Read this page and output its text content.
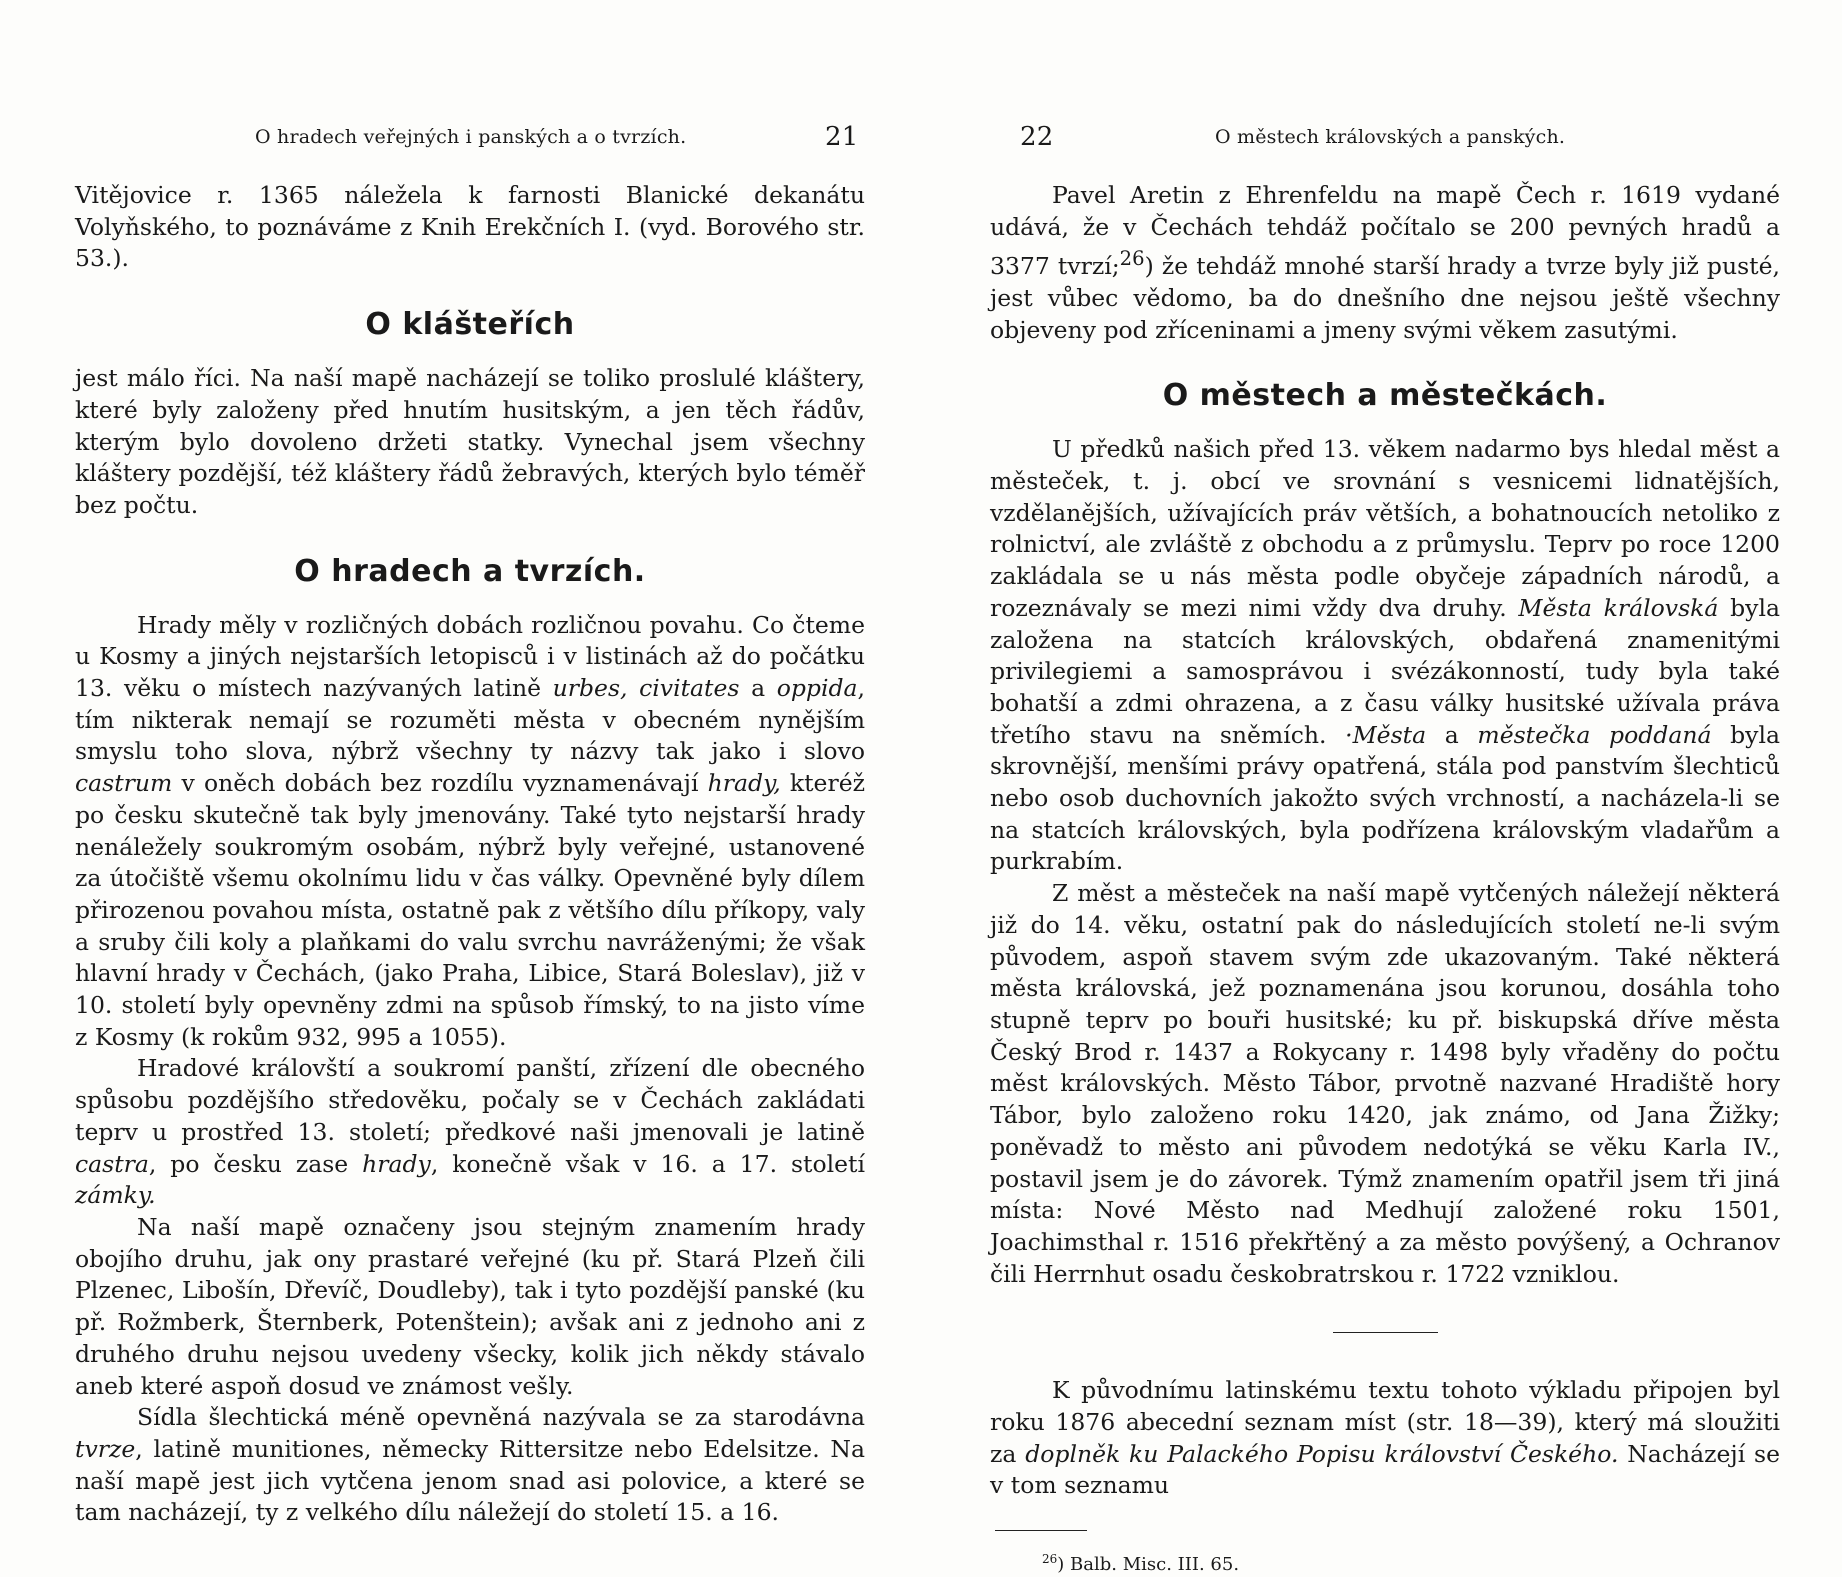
O hradech veřejných i panských a o tvrzích.	21

Vitějovice r. 1365 náležela k farnosti Blanické dekanátu Volyňského, to poznáváme z Knih Erekčních I. (vyd. Borového str. 53.).

O klášteřích

jest málo říci. Na naší mapě nacházejí se toliko proslulé kláštery, které byly založeny před hnutím husitským, a jen těch řádův, kterým bylo dovoleno držeti statky. Vynechal jsem všechny kláštery pozdější, též kláštery řádů žebravých, kterých bylo téměř bez počtu.

O hradech a tvrzích.

Hrady měly v rozličných dobách rozličnou povahu. Co čteme u Kosmy a jiných nejstarších letopisců i v listinách až do počátku 13. věku o místech nazývaných latině urbes, civitates a oppida, tím nikterak nemají se rozuměti města v obecném nynějším smyslu toho slova, nýbrž všechny ty názvy tak jako i slovo castrum v oněch dobách bez rozdílu vyznamenávají hrady, kteréž po česku skutečně tak byly jmenovány. Také tyto nejstarší hrady nenáležely soukromým osobám, nýbrž byly veřejné, ustanovené za útočiště všemu okolnímu lidu v čas války. Opevněné byly dílem přirozenou povahou místa, ostatně pak z většího dílu příkopy, valy a sruby čili koly a plaňkami do valu svrchu navráženými; že však hlavní hrady v Čechách, (jako Praha, Libice, Stará Boleslav), již v 10. století byly opevněny zdmi na spůsob římský, to na jisto víme z Kosmy (k rokům 932, 995 a 1055).

Hradové královští a soukromí panští, zřízení dle obecného spůsobu pozdějšího středověku, počaly se v Čechách zakládati teprv u prostřed 13. století; předkové naši jmenovali je latině castra, po česku zase hrady, konečně však v 16. a 17. století zámky.

Na naší mapě označeny jsou stejným znamením hrady obojího druhu, jak ony prastaré veřejné (ku př. Stará Plzeň čili Plzenec, Libošín, Dřevíč, Doudleby), tak i tyto pozdější panské (ku př. Rožmberk, Šternberk, Potenštein); avšak ani z jednoho ani z druhého druhu nejsou uvedeny všecky, kolik jich někdy stávalo aneb které aspoň dosud ve známost vešly.

Sídla šlechtická méně opevněná nazývala se za starodávna tvrze, latině munitiones, německy Rittersitze nebo Edelsitze. Na naší mapě jest jich vytčena jenom snad asi polovice, a které se tam nacházejí, ty z velkého dílu náležejí do století 15. a 16.

22	O městech královských a panských.

Pavel Aretin z Ehrenfeldu na mapě Čech r. 1619 vydané udává, že v Čechách tehdáž počítalo se 200 pevných hradů a 3377 tvrzí;$^{26}$) že tehdáž mnohé starší hrady a tvrze byly již pusté, jest vůbec vědomo, ba do dnešního dne nejsou ještě všechny objeveny pod zříceninami a jmeny svými věkem zasutými.

O městech a městečkách.

U předků našich před 13. věkem nadarmo bys hledal měst a městeček, t. j. obcí ve srovnání s vesnicemi lidnatějších, vzdělanějších, užívajících práv větších, a bohatnoucích netoliko z rolnictví, ale zvláště z obchodu a z průmyslu. Teprv po roce 1200 zakládala se u nás města podle obyčeje západních národů, a rozeznávaly se mezi nimi vždy dva druhy. Města královská byla založena na statcích královských, obdařená znamenitými privilegiemi a samosprávou i svézákonností, tudy byla také bohatší a zdmi ohrazena, a z času války husitské užívala práva třetího stavu na sněmích. ·Města a městečka poddaná byla skrovnější, menšími právy opatřená, stála pod panstvím šlechticů nebo osob duchovních jakožto svých vrchností, a nacházela-li se na statcích královských, byla podřízena královským vladařům a purkrabím.

Z měst a městeček na naší mapě vytčených náležejí některá již do 14. věku, ostatní pak do následujících století ne-li svým původem, aspoň stavem svým zde ukazovaným. Také některá města královská, jež poznamenána jsou korunou, dosáhla toho stupně teprv po bouři husitské; ku př. biskupská dříve města Český Brod r. 1437 a Rokycany r. 1498 byly vřaděny do počtu měst královských. Město Tábor, prvotně nazvané Hradiště hory Tábor, bylo založeno roku 1420, jak známo, od Jana Žižky; poněvadž to město ani původem nedotýká se věku Karla IV., postavil jsem je do závorek. Týmž znamením opatřil jsem tři jiná místa: Nové Město nad Medhují založené roku 1501, Joachimsthal r. 1516 překřtěný a za město povýšený, a Ochranov čili Herrnhut osadu českobratrskou r. 1722 vzniklou.

K původnímu latinskému textu tohoto výkladu připojen byl roku 1876 abecední seznam míst (str. 18—39), který má sloužiti za doplněk ku Palackého Popisu království Českého. Nacházejí se v tom seznamu

$^{26}$) Balb. Misc. III. 65.
